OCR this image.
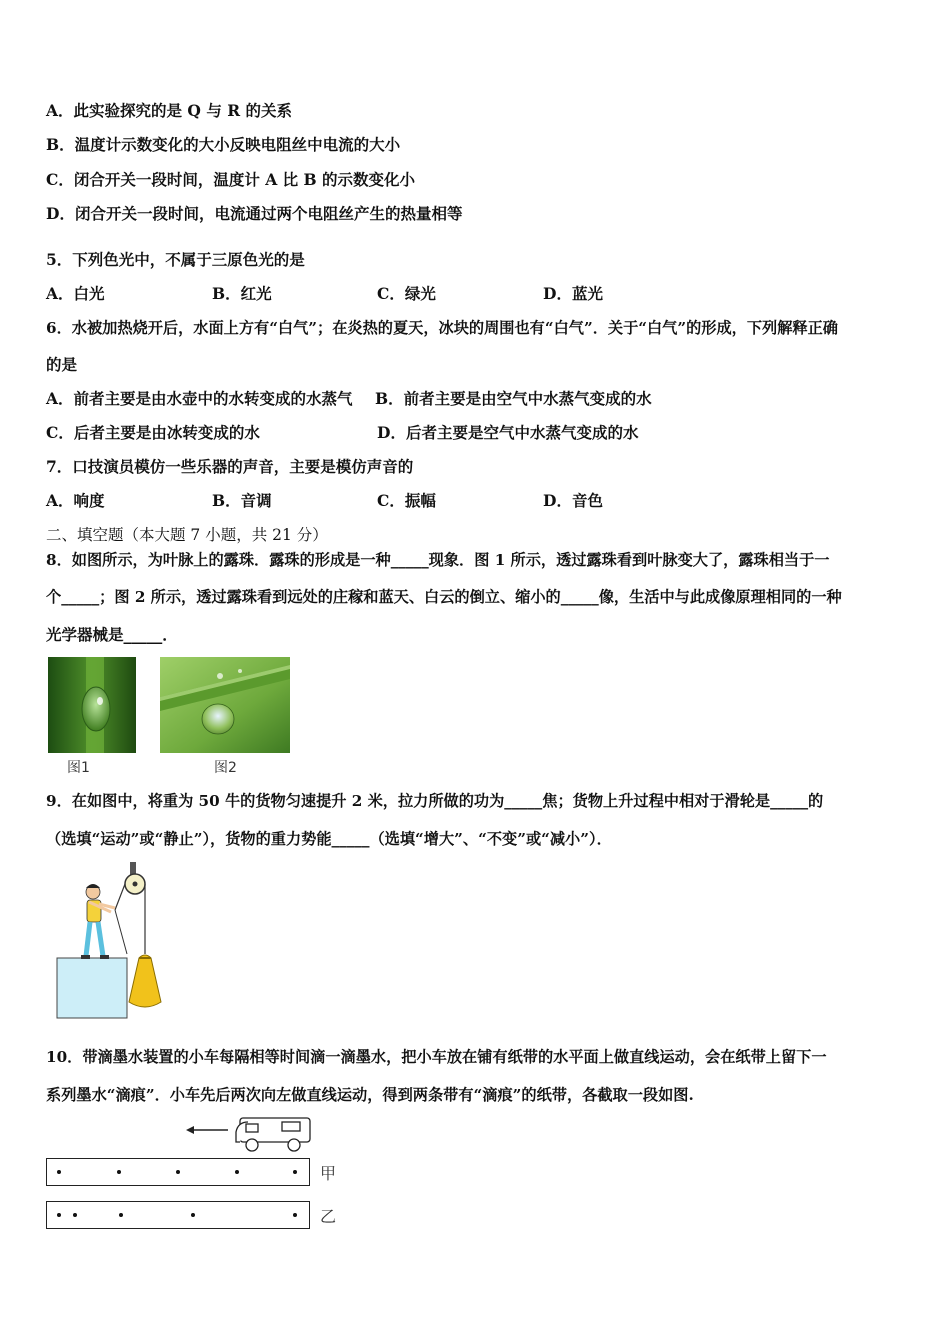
A．此实验探究的是 Q 与 R 的关系
B．温度计示数变化的大小反映电阻丝中电流的大小
C．闭合开关一段时间，温度计 A 比 B 的示数变化小
D．闭合开关一段时间，电流通过两个电阻丝产生的热量相等
5．下列色光中，不属于三原色光的是
A．白光	B．红光	C．绿光	D．蓝光
6．水被加热烧开后，水面上方有“白气”；在炎热的夏天，冰块的周围也有“白气”．关于“白气”的形成，下列解释正确
的是
A．前者主要是由水壶中的水转变成的水蒸气 B．前者主要是由空气中水蒸气变成的水
C．后者主要是由冰转变成的水	D．后者主要是空气中水蒸气变成的水
7．口技演员模仿一些乐器的声音，主要是模仿声音的
A．响度	B．音调	C．振幅	D．音色
二、填空题（本大题 7 小题，共 21 分）
8．如图所示，为叶脉上的露珠．露珠的形成是一种_____现象．图 1 所示，透过露珠看到叶脉变大了，露珠相当于一
个_____；图 2 所示，透过露珠看到远处的庄稼和蓝天、白云的倒立、缩小的_____像，生活中与此成像原理相同的一种
光学器械是_____．
图1	图2
9．在如图中，将重为 50 牛的货物匀速提升 2 米，拉力所做的功为_____焦；货物上升过程中相对于滑轮是_____的
（选填“运动”或“静止”），货物的重力势能_____（选填“增大”、“不变”或“减小”）．
10．带滴墨水装置的小车每隔相等时间滴一滴墨水，把小车放在铺有纸带的水平面上做直线运动，会在纸带上留下一
系列墨水“滴痕”．小车先后两次向左做直线运动，得到两条带有“滴痕”的纸带，各截取一段如图.
甲
乙
